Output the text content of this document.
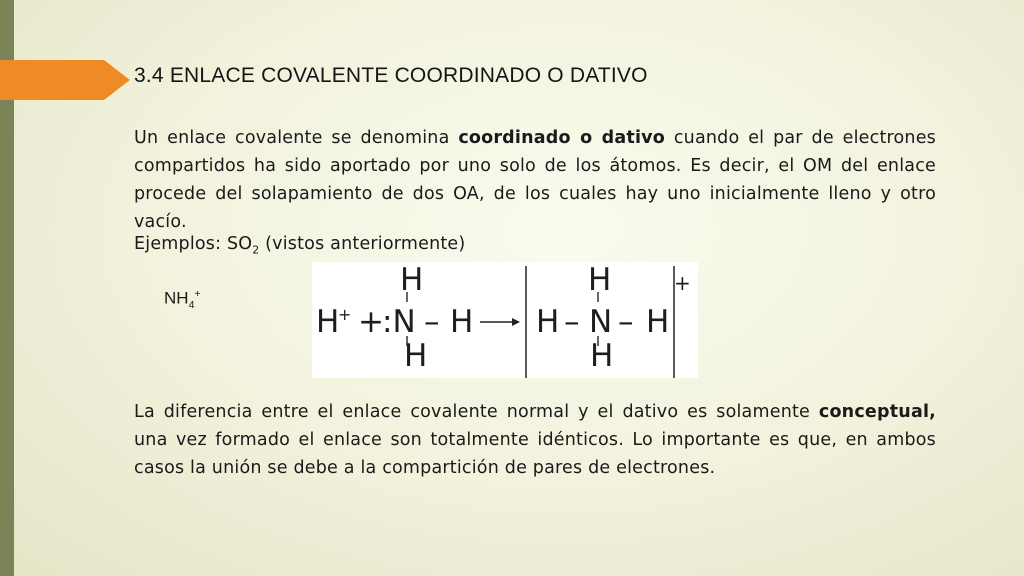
3.4 ENLACE COVALENTE COORDINADO O DATIVO
Un enlace covalente se denomina coordinado o dativo cuando el par de electrones compartidos ha sido aportado por uno solo de los átomos. Es decir, el OM del enlace procede del solapamiento de dos OA, de los cuales hay uno inicialmente lleno y otro vacío.
Ejemplos: $SO_2$ (vistos anteriormente)
$NH_4^+$	H
H
+ +
:N – H
H
H
H – N – H
H
+
La diferencia entre el enlace covalente normal y el dativo es solamente conceptual, una vez formado el enlace son totalmente idénticos. Lo importante es que, en ambos casos la unión se debe a la compartición de pares de electrones.
